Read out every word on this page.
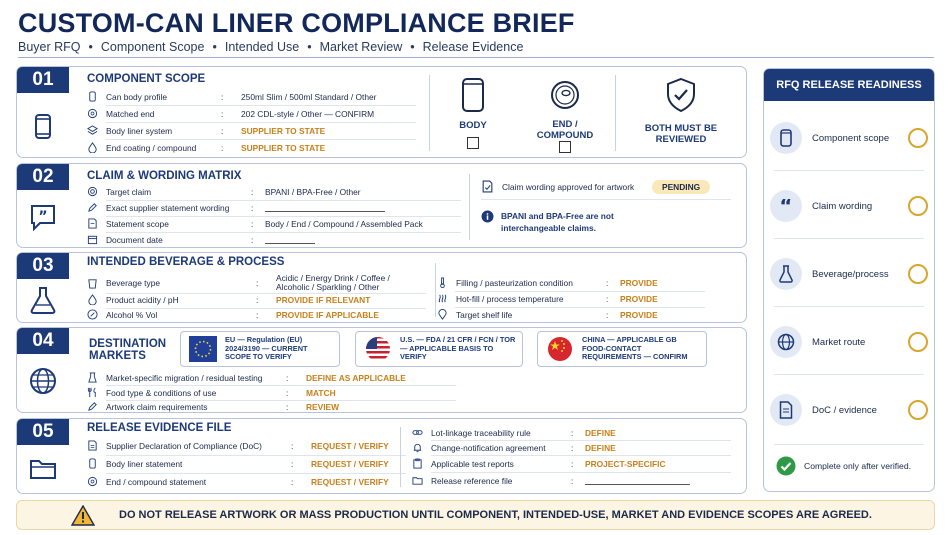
CUSTOM-CAN LINER COMPLIANCE BRIEF
Buyer RFQ • Component Scope • Intended Use • Market Review • Release Evidence
01	COMPONENT SCOPE
Can body profile	:	250ml Slim / 500ml Standard / Other
Matched end	:	202 CDL-style / Other — CONFIRM
Body liner system	:	SUPPLIER TO STATE
End coating / compound	:	SUPPLIER TO STATE
BODY	END / COMPOUND
BOTH MUST BE REVIEWED
02
”
CLAIM & WORDING MATRIX
Target claim	:	BPANI / BPA-Free / Other
Exact supplier statement wording	:
Statement scope	:	Body / End / Compound / Assembled Pack
Document date	:
Claim wording approved for artwork	PENDING
BPANI and BPA-Free are not interchangeable claims.
03	INTENDED BEVERAGE & PROCESS
Beverage type	:
Acidic / Energy Drink / Coffee / Alcoholic / Sparkling / Other
Product acidity / pH	:	PROVIDE IF RELEVANT
Alcohol % Vol	:	PROVIDE IF APPLICABLE
Filling / pasteurization condition	:	PROVIDE
Hot-fill / process temperature	:	PROVIDE
Target shelf life	:	PROVIDE
04	DESTINATION MARKETS
EU — Regulation (EU) 2024/3190 — CURRENT SCOPE TO VERIFY
U.S. — FDA / 21 CFR / FCN / TOR — APPLICABLE BASIS TO VERIFY
CHINA — APPLICABLE GB FOOD-CONTACT REQUIREMENTS — CONFIRM
Market-specific migration / residual testing	:	DEFINE AS APPLICABLE
Food type & conditions of use	:	MATCH
Artwork claim requirements	:	REVIEW
05	RELEASE EVIDENCE FILE
Supplier Declaration of Compliance (DoC)	:	REQUEST / VERIFY
Body liner statement	:	REQUEST / VERIFY
End / compound statement	:	REQUEST / VERIFY
Lot-linkage traceability rule	:	DEFINE
Change-notification agreement	:	DEFINE
Applicable test reports	:	PROJECT-SPECIFIC
Release reference file	:
RFQ RELEASE READINESS
Component scope
“ Claim wording
Beverage/process
Market route
DoC / evidence
Complete only after verified.
DO NOT RELEASE ARTWORK OR MASS PRODUCTION UNTIL COMPONENT, INTENDED-USE, MARKET AND EVIDENCE SCOPES ARE AGREED.
